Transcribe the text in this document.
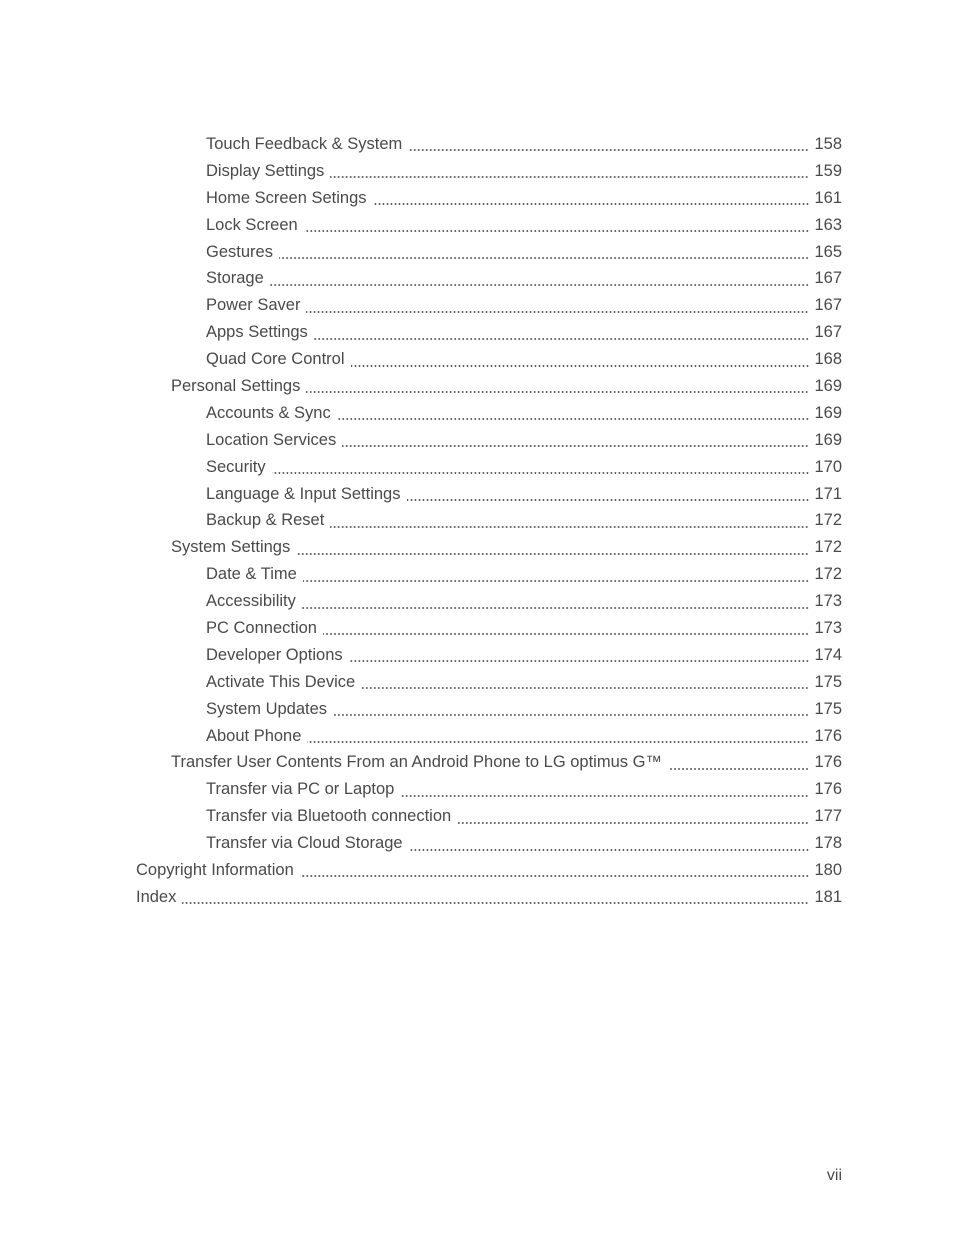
Touch Feedback & System	158
Display Settings	159
Home Screen Setings	161
Lock Screen	163
Gestures	165
Storage	167
Power Saver	167
Apps Settings	167
Quad Core Control	168
Personal Settings	169
Accounts & Sync	169
Location Services	169
Security	170
Language & Input Settings	171
Backup & Reset	172
System Settings	172
Date & Time	172
Accessibility	173
PC Connection	173
Developer Options	174
Activate This Device	175
System Updates	175
About Phone	176
Transfer User Contents From an Android Phone to LG optimus G™	176
Transfer via PC or Laptop	176
Transfer via Bluetooth connection	177
Transfer via Cloud Storage	178
Copyright Information	180
Index	181
vii
